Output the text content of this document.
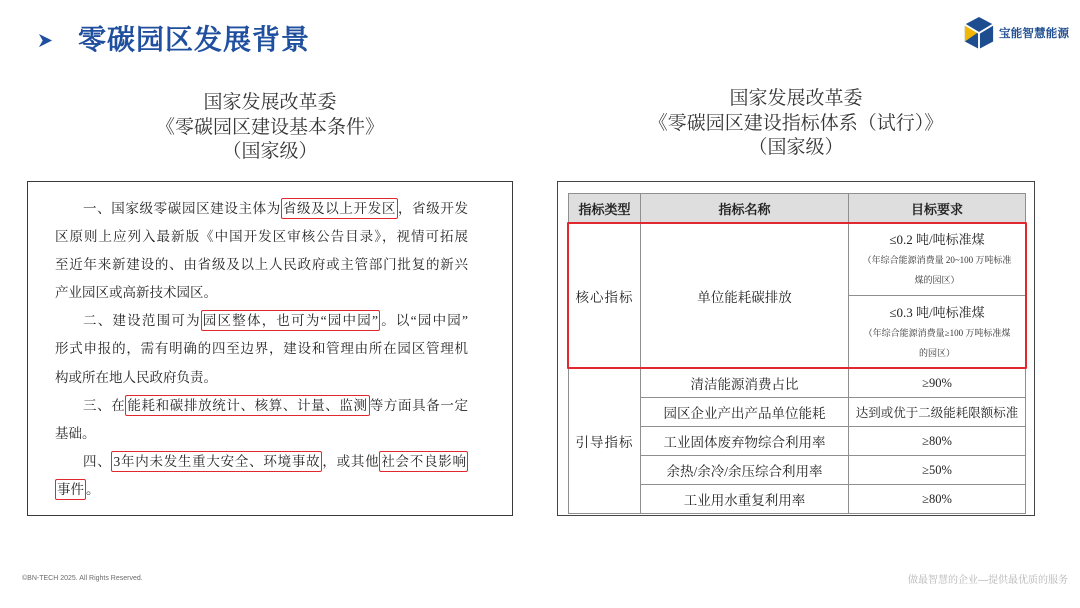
零碳园区发展背景	宝能智慧能源
国家发展改革委
《零碳园区建设基本条件》
（国家级）
国家发展改革委
《零碳园区建设指标体系（试行）》
（国家级）
一、国家级零碳园区建设主体为 省级及以上开发区 ，省级开发
区原则上应列入最新版《中国开发区审核公告目录》，视情可拓展
至近年来新建设的、由省级及以上人民政府或主管部门批复的新兴
产业园区或高新技术园区。
二、建设范围可为 园区整体，也可为“园中园” 。以“园中园”
形式申报的，需有明确的四至边界，建设和管理由所在园区管理机
构或所在地人民政府负责。
三、在 能耗和碳排放统计、核算、计量、监测 等方面具备一定
基础。
四、 3年内未发生重大安全、环境事故 ，或其他 社会不良影响
事件 。
指标类型	指标名称	目标要求
核心指标	单位能耗碳排放	≤0.2 吨/吨标准煤
（年综合能源消费量 20~100 万吨标准煤的园区）

		≤0.3 吨/吨标准煤
（年综合能源消费量≥100 万吨标准煤的园区）

引导指标	清洁能源消费占比	≥90%
	园区企业产出产品单位能耗	达到或优于二级能耗限额标准
	工业固体废弃物综合利用率	≥80%
	余热/余冷/余压综合利用率	≥50%
	工业用水重复利用率	≥80%
©BN-TECH 2025. All Rights Reserved.	做最智慧的企业—提供最优质的服务
